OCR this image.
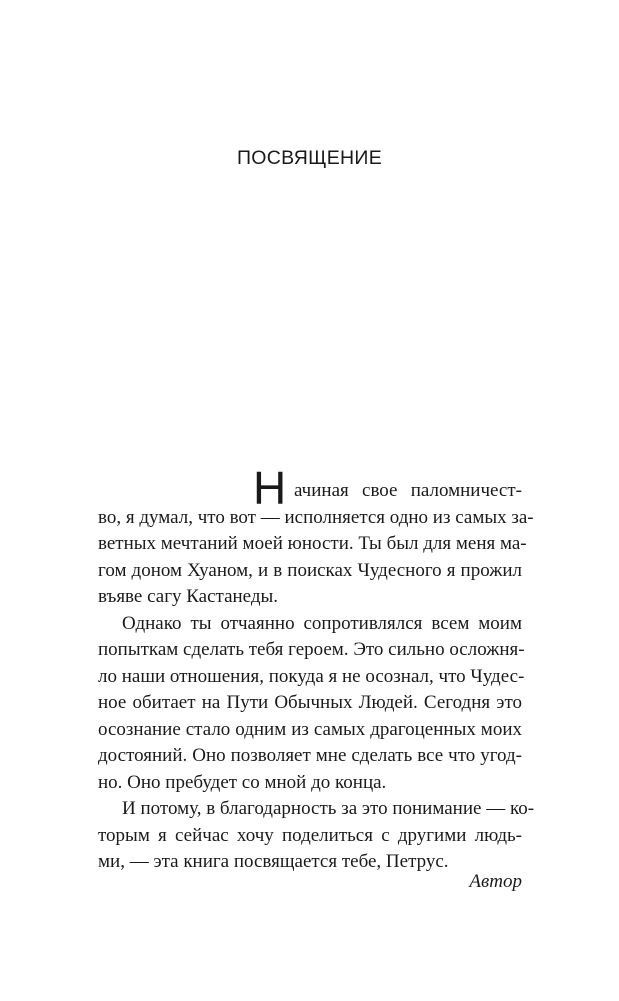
ПОСВЯЩЕНИЕ
Н ачиная свое паломничест-
во, я думал, что вот — исполняется одно из самых за-
ветных мечтаний моей юности. Ты был для меня ма-
гом доном Хуаном, и в поисках Чудесного я прожил
въяве сагу Кастанеды.
Однако ты отчаянно сопротивлялся всем моим
попыткам сделать тебя героем. Это сильно осложня-
ло наши отношения, покуда я не осознал, что Чудес-
ное обитает на Пути Обычных Людей. Сегодня это
осознание стало одним из самых драгоценных моих
достояний. Оно позволяет мне сделать все что угод-
но. Оно пребудет со мной до конца.
И потому, в благодарность за это понимание — ко-
торым я сейчас хочу поделиться с другими людь-
ми, — эта книга посвящается тебе, Петрус.
Автор
